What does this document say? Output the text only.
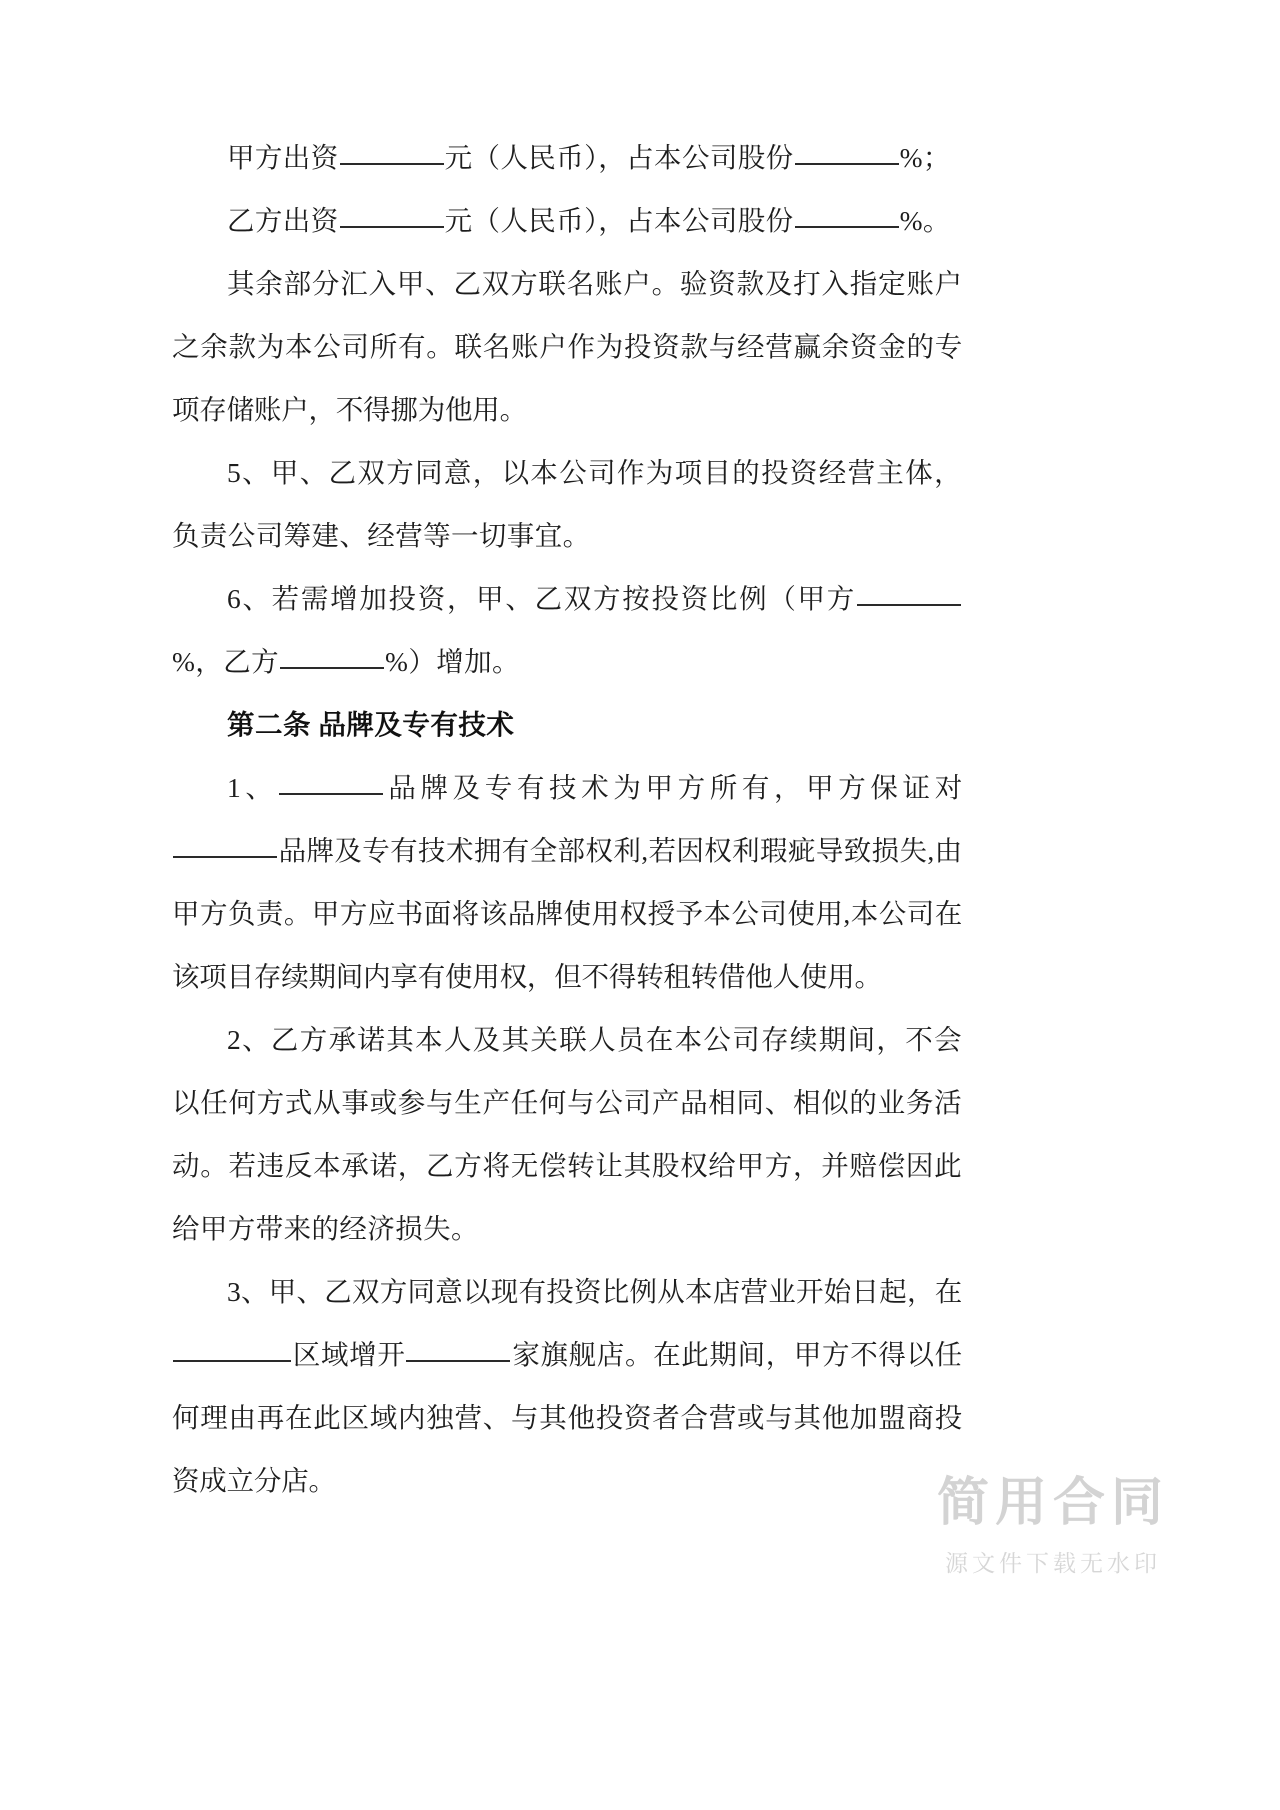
甲方出资	元（人民币），占本公司股份	%；

乙方出资	元（人民币），占本公司股份	%。

其余部分汇入甲、乙双方联名账户。验资款及打入指定账户之余款为本公司所有。联名账户作为投资款与经营赢余资金的专项存储账户，不得挪为他用。

5、甲、乙双方同意，以本公司作为项目的投资经营主体，负责公司筹建、经营等一切事宜。

6、若需增加投资，甲、乙双方按投资比例（甲方%，乙方	%）增加。

第二条 品牌及专有技术

1、	品牌及专有技术为甲方所有，甲方保证对品牌及专有技术拥有全部权利,若因权利瑕疵导致损失,由甲方负责。甲方应书面将该品牌使用权授予本公司使用,本公司在该项目存续期间内享有使用权，但不得转租转借他人使用。

2、乙方承诺其本人及其关联人员在本公司存续期间，不会以任何方式从事或参与生产任何与公司产品相同、相似的业务活动。若违反本承诺，乙方将无偿转让其股权给甲方，并赔偿因此给甲方带来的经济损失。

3、甲、乙双方同意以现有投资比例从本店营业开始日起，在区域增开	家旗舰店。在此期间，甲方不得以任何理由再在此区域内独营、与其他投资者合营或与其他加盟商投资成立分店。	简用合同
源文件下载无水印
